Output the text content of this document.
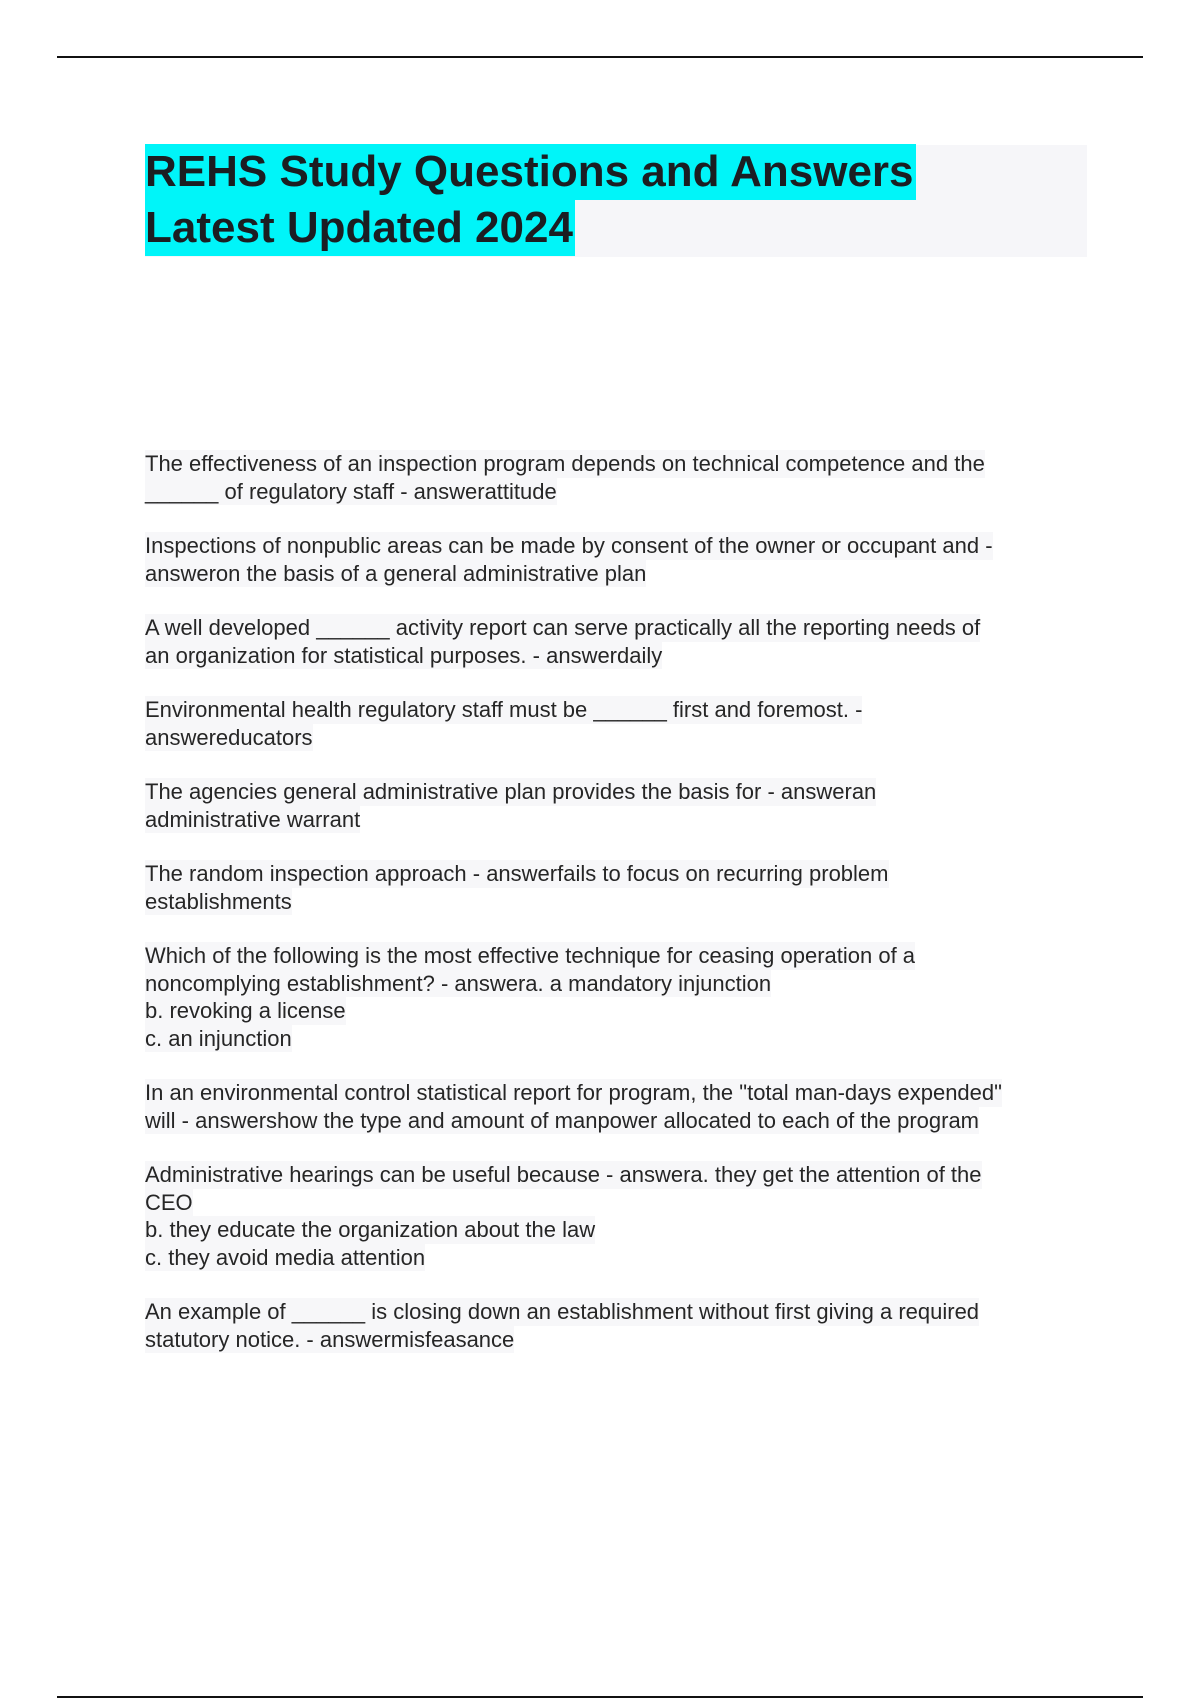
REHS Study Questions and Answers
Latest Updated 2024
The effectiveness of an inspection program depends on technical competence and the
______ of regulatory staff - answerattitude
Inspections of nonpublic areas can be made by consent of the owner or occupant and -
answeron the basis of a general administrative plan
A well developed ______ activity report can serve practically all the reporting needs of
an organization for statistical purposes. - answerdaily
Environmental health regulatory staff must be ______ first and foremost. -
answereducators
The agencies general administrative plan provides the basis for - answeran
administrative warrant
The random inspection approach - answerfails to focus on recurring problem
establishments
Which of the following is the most effective technique for ceasing operation of a
noncomplying establishment? - answera. a mandatory injunction
b. revoking a license
c. an injunction
In an environmental control statistical report for program, the "total man-days expended"
will - answershow the type and amount of manpower allocated to each of the program
Administrative hearings can be useful because - answera. they get the attention of the
CEO
b. they educate the organization about the law
c. they avoid media attention
An example of ______ is closing down an establishment without first giving a required
statutory notice. - answermisfeasance
